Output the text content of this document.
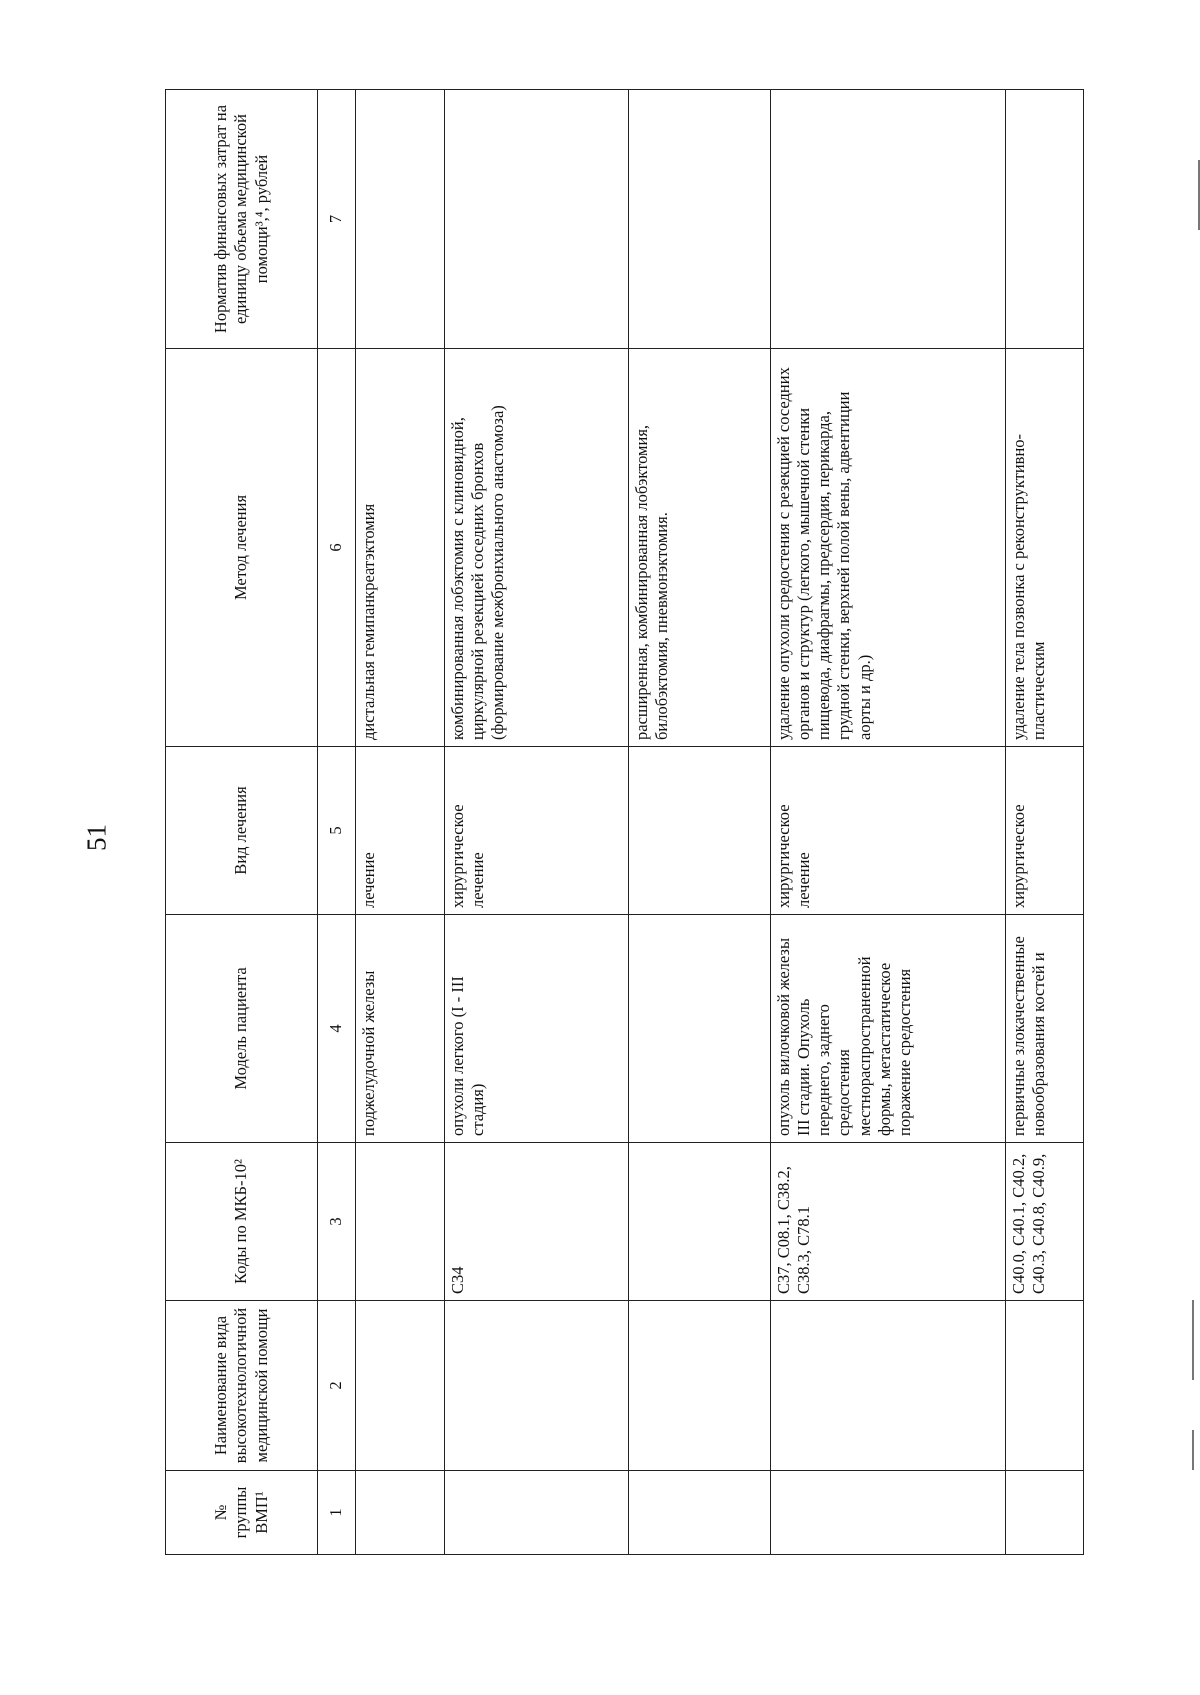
51
№ группы ВМП¹	Наименование вида высокотехнологичной медицинской помощи	Коды по МКБ-10²	Модель пациента	Вид лечения	Метод лечения	Норматив финансовых затрат на единицу объема медицинской помощи³,⁴, рублей
1	2	3	4	5	6	7
			поджелудочной железы	лечение	дистальная гемипанкреатэктомия	
		C34	опухоли легкого (I - III стадия)	хирургическое лечение	комбинированная лобэктомия с клиновидной, циркулярной резекцией соседних бронхов (формирование межбронхиального анастомоза)	
					расширенная, комбинированная лобэктомия, билобэктомия, пневмонэктомия.	
		C37, C08.1, C38.2, C38.3, C78.1	опухоль вилочковой железы III стадии. Опухоль переднего, заднего средостения местнораспространенной формы, метастатическое поражение средостения	хирургическое лечение	удаление опухоли средостения с резекцией соседних органов и структур (легкого, мышечной стенки пищевода, диафрагмы, предсердия, перикарда, грудной стенки, верхней полой вены, адвентиции аорты и др.)	
		C40.0, C40.1, C40.2, C40.3, C40.8, C40.9,	первичные злокачественные новообразования костей и	хирургическое	удаление тела позвонка с реконструктивно-пластическим	
